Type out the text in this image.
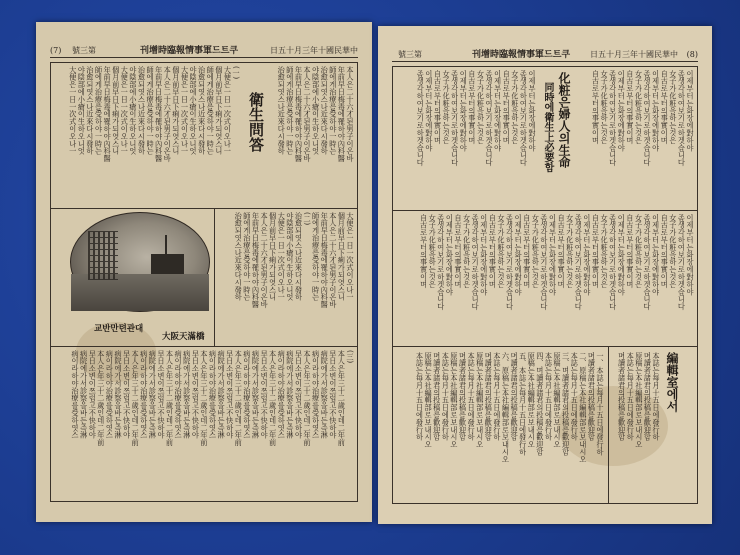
(7) 號三第	刊增時臨報情事軍드트쿠	日五十月三年十國民華中
衛生問答	本人은二十六才된男子이온바
年前早日梅毒에罹하야內科醫
師에게治療를受하야一時는
治愈되엿스나近來다시發하
야陰部에小瘡이生하오니엇
本人은二十六才된男子이온바
年前早日梅毒에罹하야內科醫
師에게治療를受하야一時는
治愈되엿스나近來다시發하
(一)
大便은一日一次式이오나一
個月前早日下痢가되엿스니
師에게治療를受하야一時는
治愈되엿스나近來다시發하
야陰部에小瘡이生하오니엇
大便은一日一次式이오나一
個月前早日下痢가되엿스니
本人은二十六才된男子이온바
年前早日梅毒에罹하야內科醫
師에게治療를受하야一時는
治愈되엿스나近來다시發하
야陰部에小瘡이生하오니엇
大便은一日一次式이오나一
個月前早日下痢가되엿스니
年前早日梅毒에罹하야內科醫
師에게治療를受하야一時는
治愈되엿스나近來다시發하
야陰部에小瘡이生하오니엇
大便은一日一次式이오나一
교반만텬관대
大阪天滿橋
大便은一日一次式이오나一
個月前早日下痢가되엿스니
本人은二十六才된男子이온바
年前早日梅毒에罹하야內科醫
師에게治療를受하야一時는
(二)
治愈되엿스나近來다시發하
야陰部에小瘡이生하오니엇
大便은一日一次式이오나一
個月前早日下痢가되엿스니
本人은二十六才된男子이온바
年前早日梅毒에罹하야內科醫
師에게治療를受하야一時는
治愈되엿스나近來다시發하
(三)
本人은年三十二歲인데二年前
早日소변이쯔럽고不快하야
病院에가서診察을바든즉淋
病이라하야治療를受하엿스
本人은年三十二歲인데二年前
早日소변이쯔럽고不快하야
病院에가서診察을바든즉淋
病이라하야治療를受하엿스
本人은年三十二歲인데二年前
早日소변이쯔럽고不快하야
病院에가서診察을바든즉淋
病이라하야治療를受하엿스
本人은年三十二歲인데二年前
早日소변이쯔럽고不快하야
病院에가서診察을바든즉淋
病이라하야治療를受하엿스
本人은年三十二歲인데二年前
早日소변이쯔럽고不快하야
病院에가서診察을바든즉淋
病이라하야治療를受하엿스
本人은年三十二歲인데二年前
早日소변이쯔럽고不快하야
病院에가서診察을바든즉淋
病이라하야治療를受하엿스
本人은年三十二歲인데二年前
早日소변이쯔럽고不快하야
病院에가서診察을바든즉淋
病이라하야治療를受하엿스
本人은年三十二歲인데二年前
早日소변이쯔럽고不快하야
病院에가서診察을바든즉淋
病이라하야治療를受하엿스
號三第	刊增時臨報情事軍드트쿠 日五十月三年十國民華中 (8)
化粧은婦人의生命
同時에衛生上必要함	이제부터는화장에對하야
좀생각하여보기로하겟습니다
女子가化粧을하는것은
自古로부터의事實이며
이제부터는화장에對하야
좀생각하여보기로하겟습니다
女子가化粧을하는것은
自古로부터의事實이며
이제부터는화장에對하야
좀생각하여보기로하겟습니다
女子가化粧을하는것은
自古로부터의事實이며
이제부터는화장에對하야
좀생각하여보기로하겟습니다
女子가化粧을하는것은
自古로부터의事實이며
이제부터는화장에對하야
좀생각하여보기로하겟습니다
女子가化粧을하는것은
自古로부터의事實이며
이제부터는화장에對하야
좀생각하여보기로하겟습니다
女子가化粧을하는것은
自古로부터의事實이며
이제부터는화장에對하야
좀생각하여보기로하겟습니다
이제부터는화장에對하야
좀생각하여보기로하겟습니다
女子가化粧을하는것은
自古로부터의事實이며
이제부터는화장에對하야
좀생각하여보기로하겟습니다
女子가化粧을하는것은
自古로부터의事實이며
이제부터는화장에對하야
좀생각하여보기로하겟습니다
女子가化粧을하는것은
自古로부터의事實이며
이제부터는화장에對하야
좀생각하여보기로하겟습니다
女子가化粧을하는것은
自古로부터의事實이며
이제부터는화장에對하야
좀생각하여보기로하겟습니다
女子가化粧을하는것은
自古로부터의事實이며
이제부터는화장에對하야
좀생각하여보기로하겟습니다
女子가化粧을하는것은
自古로부터의事實이며
이제부터는화장에對하야
좀생각하여보기로하겟습니다
女子가化粧을하는것은
自古로부터의事實이며
이제부터는화장에對하야
좀생각하여보기로하겟습니다
女子가化粧을하는것은
自古로부터의事實이며
編輯室에서
本誌는每月十五日에發行하
며讀者諸君의投稿를歡迎함
原稿는本社編輯部로보내시오
本誌는每月十五日에發行하
며讀者諸君의投稿를歡迎함
一、本誌는每月十五日에發行하
며讀者諸君의投稿를歡迎함
二、原稿는本社編輯部로보내시오
本誌는每月十五日에發行하
三、며讀者諸君의投稿를歡迎함
原稿는本社編輯部로보내시오
本誌는每月十五日에發行하
四、며讀者諸君의投稿를歡迎함
原稿는本社編輯部로보내시오
五、本誌는每月十五日에發行하
며讀者諸君의投稿를歡迎함
六、原稿는本社編輯部로보내시오
本誌는每月十五日에發行하
며讀者諸君의投稿를歡迎함
原稿는本社編輯部로보내시오
本誌는每月十五日에發行하
며讀者諸君의投稿를歡迎함
原稿는本社編輯部로보내시오
本誌는每月十五日에發行하
며讀者諸君의投稿를歡迎함
原稿는本社編輯部로보내시오
本誌는每月十五日에發行하
